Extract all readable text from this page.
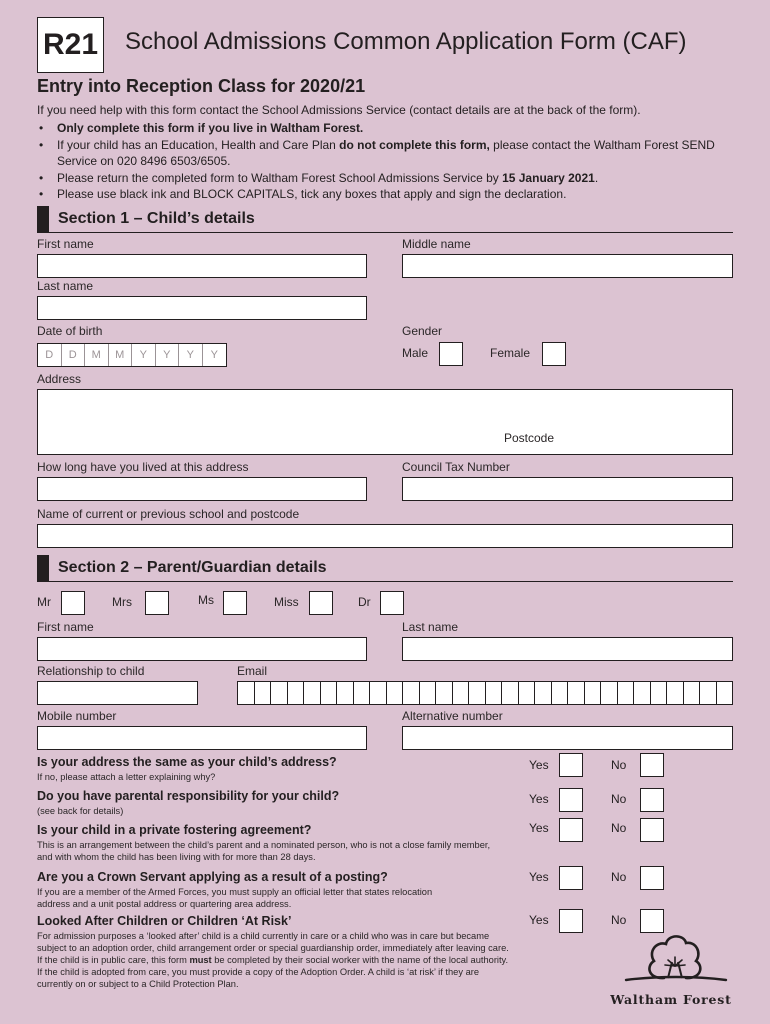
R21 School Admissions Common Application Form (CAF)
Entry into Reception Class for 2020/21
If you need help with this form contact the School Admissions Service (contact details are at the back of the form).
• Only complete this form if you live in Waltham Forest.
• If your child has an Education, Health and Care Plan do not complete this form, please contact the Waltham Forest SEND Service on 020 8496 6503/6505.
• Please return the completed form to Waltham Forest School Admissions Service by 15 January 2021.
• Please use black ink and BLOCK CAPITALS, tick any boxes that apply and sign the declaration.
Section 1 – Child’s details
First name	Middle name
Last name
Date of birth
D	D	M	M	Y	Y	Y	Y
Gender
Male	Female
Address
Postcode
How long have you lived at this address	Council Tax Number
Name of current or previous school and postcode
Section 2 – Parent/Guardian details
Mr	Mrs	Ms	Miss	Dr
First name	Last name
Relationship to child	Email
Mobile number	Alternative number
Is your address the same as your child’s address?
If no, please attach a letter explaining why?
Yes	No
Do you have parental responsibility for your child?
(see back for details)
Yes	No
Is your child in a private fostering agreement?
This is an arrangement between the child’s parent and a nominated person, who is not a close family member, and with whom the child has been living with for more than 28 days.
Yes	No
Are you a Crown Servant applying as a result of a posting?
If you are a member of the Armed Forces, you must supply an official letter that states relocation address and a unit postal address or quartering area address.
Yes	No
Looked After Children or Children ‘At Risk’
For admission purposes a ‘looked after’ child is a child currently in care or a child who was in care but became subject to an adoption order, child arrangement order or special guardianship order, immediately after leaving care. If the child is in public care, this form must be completed by their social worker with the name of the local authority. If the child is adopted from care, you must provide a copy of the Adoption Order. A child is ‘at risk’ if they are currently on or subject to a Child Protection Plan.
Yes	No
Waltham Forest
